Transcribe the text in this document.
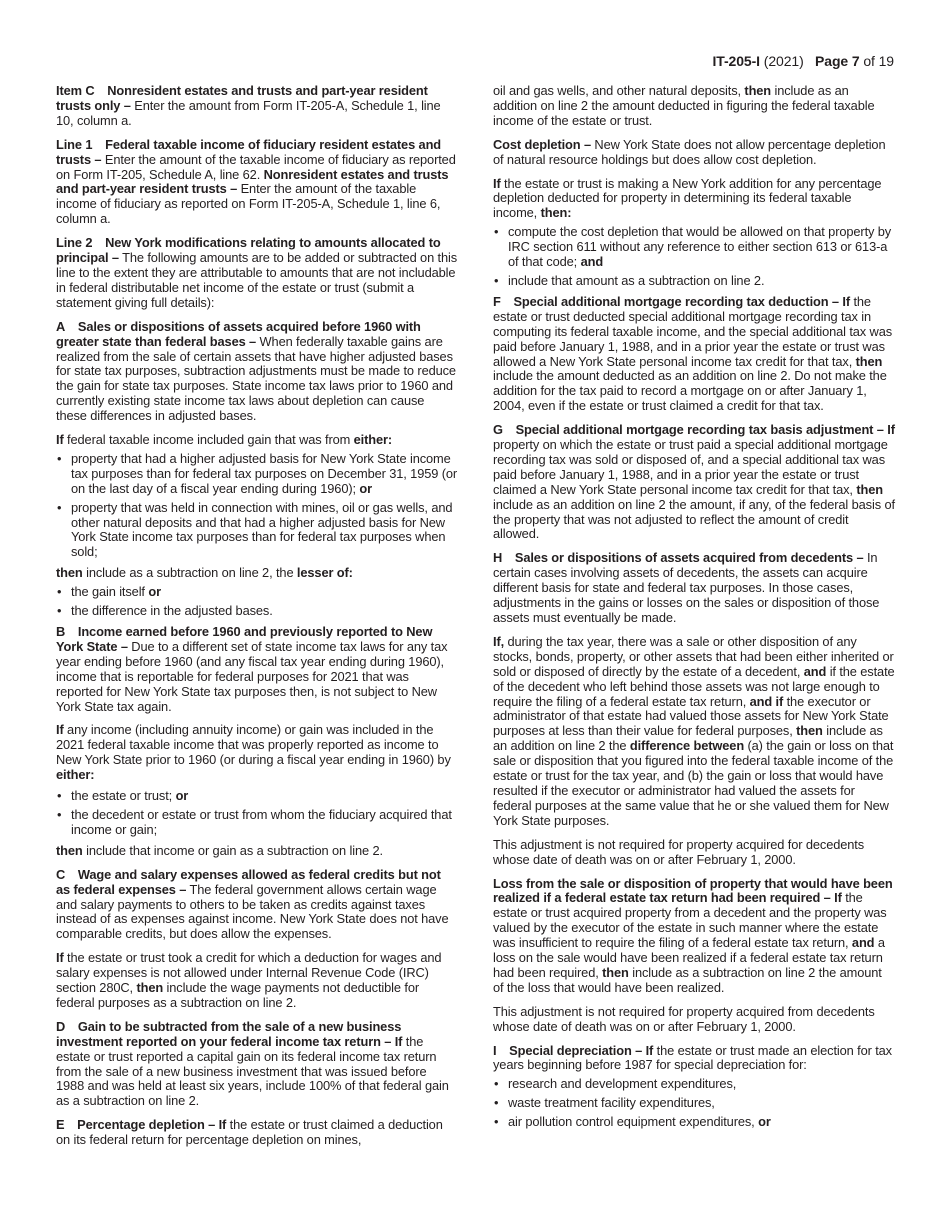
IT-205-I (2021) Page 7 of 19

Item C Nonresident estates and trusts and part-year resident trusts only – Enter the amount from Form IT-205-A, Schedule 1, line 10, column a.

Line 1 Federal taxable income of fiduciary resident estates and trusts – Enter the amount of the taxable income of fiduciary as reported on Form IT-205, Schedule A, line 62. Nonresident estates and trusts and part-year resident trusts – Enter the amount of the taxable income of fiduciary as reported on Form IT-205-A, Schedule 1, line 6, column a.

Line 2 New York modifications relating to amounts allocated to principal – The following amounts are to be added or subtracted on this line to the extent they are attributable to amounts that are not includable in federal distributable net income of the estate or trust (submit a statement giving full details):

A Sales or dispositions of assets acquired before 1960 with greater state than federal bases – When federally taxable gains are realized from the sale of certain assets that have higher adjusted bases for state tax purposes, subtraction adjustments must be made to reduce the gain for state tax purposes. State income tax laws prior to 1960 and currently existing state income tax laws about depletion can cause these differences in adjusted bases.

If federal taxable income included gain that was from either:

• property that had a higher adjusted basis for New York State income tax purposes than for federal tax purposes on December 31, 1959 (or on the last day of a fiscal year ending during 1960); or
• property that was held in connection with mines, oil or gas wells, and other natural deposits and that had a higher adjusted basis for New York State income tax purposes than for federal tax purposes when sold;

then include as a subtraction on line 2, the lesser of:

• the gain itself or
• the difference in the adjusted bases.

B Income earned before 1960 and previously reported to New York State – Due to a different set of state income tax laws for any tax year ending before 1960 (and any fiscal tax year ending during 1960), income that is reportable for federal purposes for 2021 that was reported for New York State tax purposes then, is not subject to New York State tax again.

If any income (including annuity income) or gain was included in the 2021 federal taxable income that was properly reported as income to New York State prior to 1960 (or during a fiscal year ending in 1960) by either:

• the estate or trust; or
• the decedent or estate or trust from whom the fiduciary acquired that income or gain;

then include that income or gain as a subtraction on line 2.

C Wage and salary expenses allowed as federal credits but not as federal expenses – The federal government allows certain wage and salary payments to others to be taken as credits against taxes instead of as expenses against income. New York State does not have comparable credits, but does allow the expenses.

If the estate or trust took a credit for which a deduction for wages and salary expenses is not allowed under Internal Revenue Code (IRC) section 280C, then include the wage payments not deductible for federal purposes as a subtraction on line 2.

D Gain to be subtracted from the sale of a new business investment reported on your federal income tax return – If the estate or trust reported a capital gain on its federal income tax return from the sale of a new business investment that was issued before 1988 and was held at least six years, include 100% of that federal gain as a subtraction on line 2.

E Percentage depletion – If the estate or trust claimed a deduction on its federal return for percentage depletion on mines,

oil and gas wells, and other natural deposits, then include as an addition on line 2 the amount deducted in figuring the federal taxable income of the estate or trust.

Cost depletion – New York State does not allow percentage depletion of natural resource holdings but does allow cost depletion.

If the estate or trust is making a New York addition for any percentage depletion deducted for property in determining its federal taxable income, then:

• compute the cost depletion that would be allowed on that property by IRC section 611 without any reference to either section 613 or 613-a of that code; and
• include that amount as a subtraction on line 2.

F Special additional mortgage recording tax deduction – If the estate or trust deducted special additional mortgage recording tax in computing its federal taxable income, and the special additional tax was paid before January 1, 1988, and in a prior year the estate or trust was allowed a New York State personal income tax credit for that tax, then include the amount deducted as an addition on line 2. Do not make the addition for the tax paid to record a mortgage on or after January 1, 2004, even if the estate or trust claimed a credit for that tax.

G Special additional mortgage recording tax basis adjustment – If property on which the estate or trust paid a special additional mortgage recording tax was sold or disposed of, and a special additional tax was paid before January 1, 1988, and in a prior year the estate or trust claimed a New York State personal income tax credit for that tax, then include as an addition on line 2 the amount, if any, of the federal basis of the property that was not adjusted to reflect the amount of credit allowed.

H Sales or dispositions of assets acquired from decedents – In certain cases involving assets of decedents, the assets can acquire different basis for state and federal tax purposes. In those cases, adjustments in the gains or losses on the sales or disposition of those assets must eventually be made.

If, during the tax year, there was a sale or other disposition of any stocks, bonds, property, or other assets that had been either inherited or sold or disposed of directly by the estate of a decedent, and if the estate of the decedent who left behind those assets was not large enough to require the filing of a federal estate tax return, and if the executor or administrator of that estate had valued those assets for New York State purposes at less than their value for federal purposes, then include as an addition on line 2 the difference between (a) the gain or loss on that sale or disposition that you figured into the federal taxable income of the estate or trust for the tax year, and (b) the gain or loss that would have resulted if the executor or administrator had valued the assets for federal purposes at the same value that he or she valued them for New York State purposes.

This adjustment is not required for property acquired for decedents whose date of death was on or after February 1, 2000.

Loss from the sale or disposition of property that would have been realized if a federal estate tax return had been required – If the estate or trust acquired property from a decedent and the property was valued by the executor of the estate in such manner where the estate was insufficient to require the filing of a federal estate tax return, and a loss on the sale would have been realized if a federal estate tax return had been required, then include as a subtraction on line 2 the amount of the loss that would have been realized.

This adjustment is not required for property acquired from decedents whose date of death was on or after February 1, 2000.

I Special depreciation – If the estate or trust made an election for tax years beginning before 1987 for special depreciation for:

• research and development expenditures,
• waste treatment facility expenditures,
• air pollution control equipment expenditures, or
